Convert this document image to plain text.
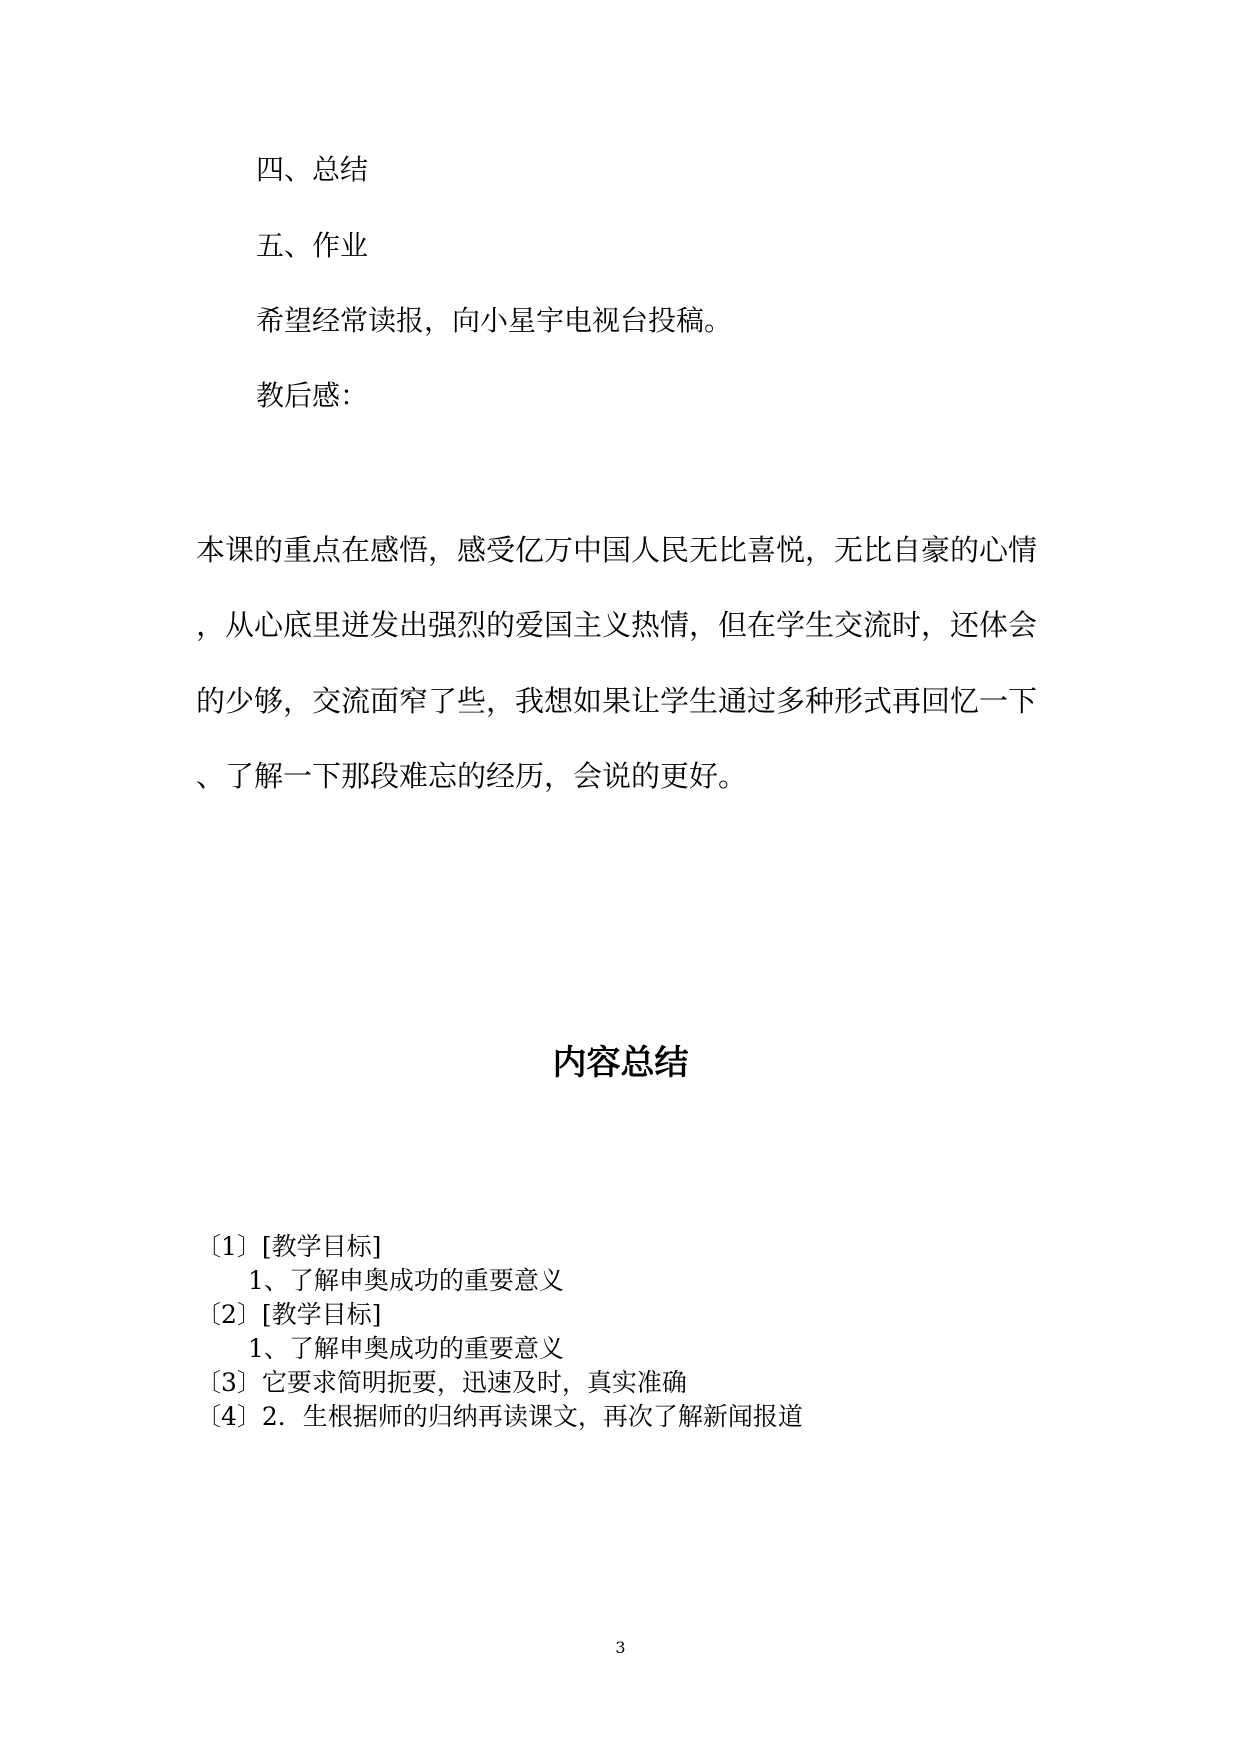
四、总结
五、作业
希望经常读报，向小星宇电视台投稿。
教后感：
本课的重点在感悟，感受亿万中国人民无比喜悦，无比自豪的心情
，从心底里迸发出强烈的爱国主义热情，但在学生交流时，还体会
的少够，交流面窄了些，我想如果让学生通过多种形式再回忆一下
、了解一下那段难忘的经历，会说的更好。
内容总结
〔1〕[教学目标]
1、了解申奥成功的重要意义
〔2〕[教学目标]
1、了解申奥成功的重要意义
〔3〕它要求简明扼要，迅速及时，真实准确
〔4〕2．生根据师的归纳再读课文，再次了解新闻报道
3
